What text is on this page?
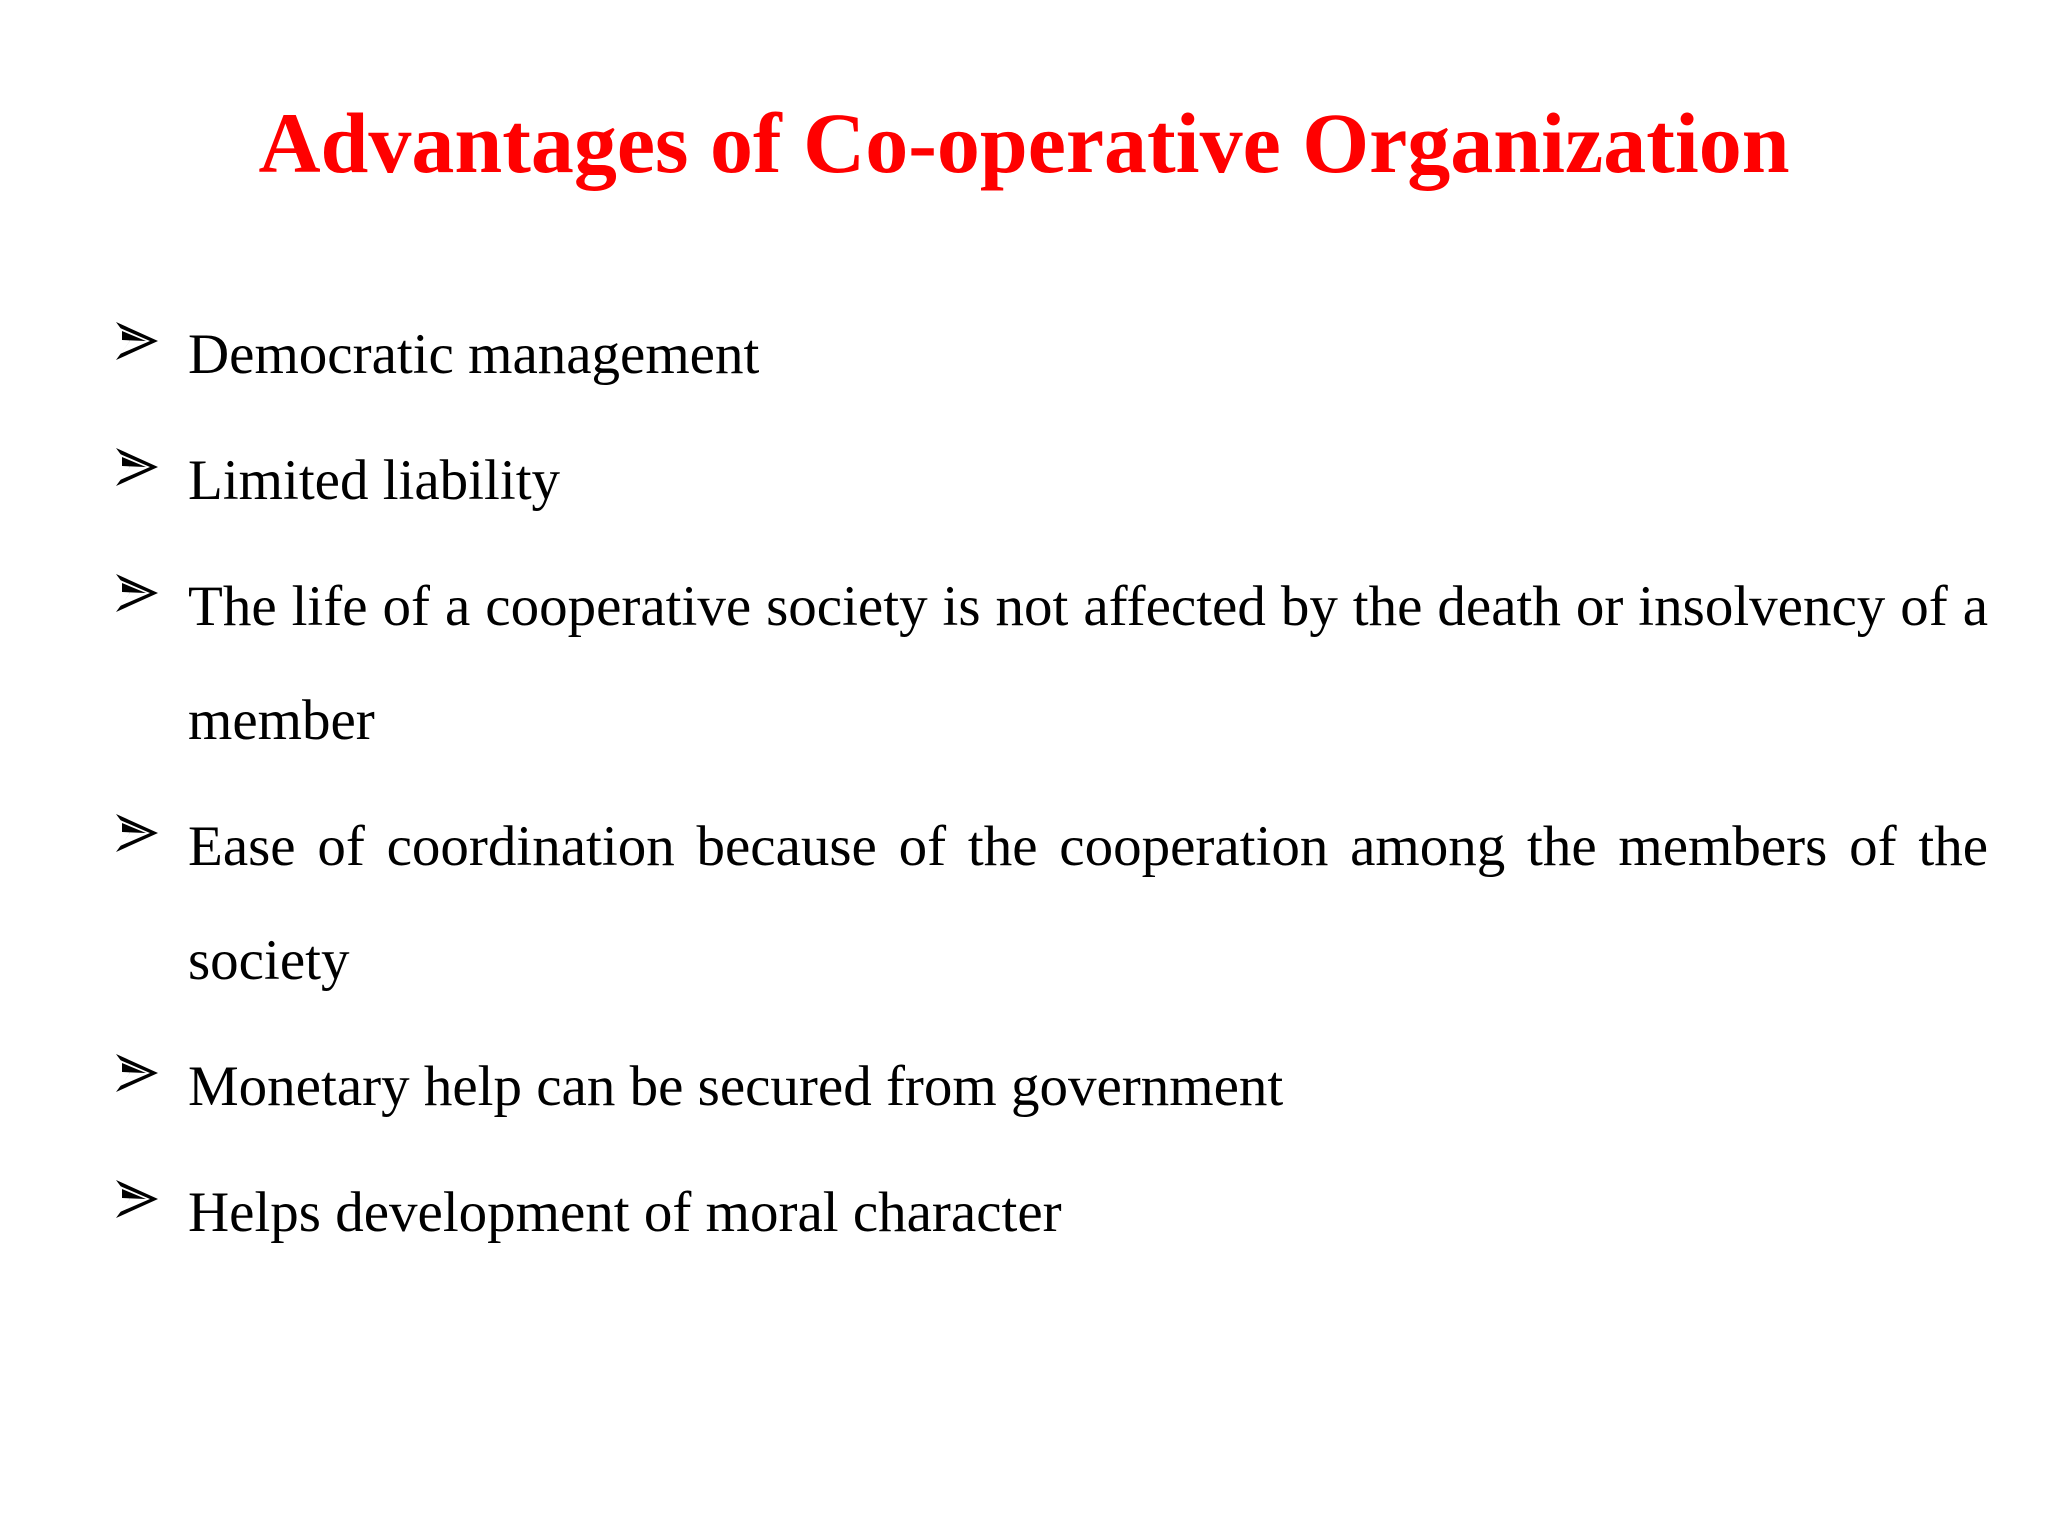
Advantages of Co-operative Organization
Democratic management
Limited liability
The life of a cooperative society is not affected by the death or insolvency of a member
Ease of coordination because of the cooperation among the members of the society
Monetary help can be secured from government
Helps development of moral character
